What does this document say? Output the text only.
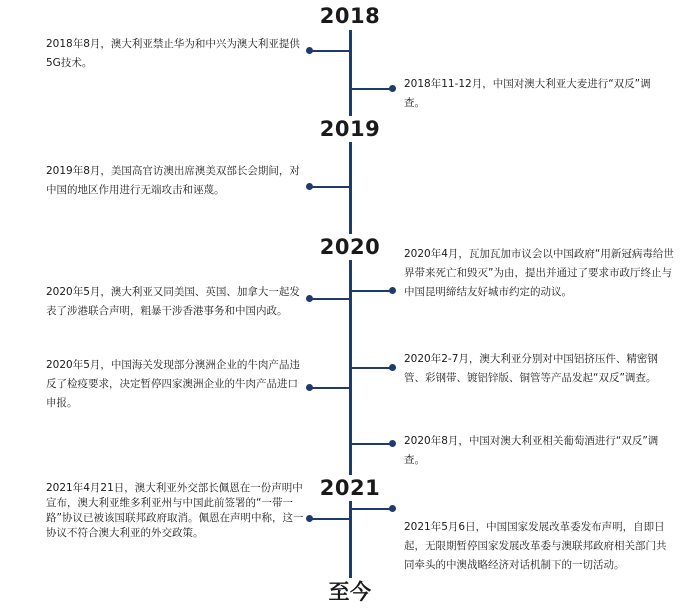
2018
2019
2020
2021
至今

2018年8月，澳大利亚禁止华为和中兴为澳大利亚提供5G技术。

2018年11-12月，中国对澳大利亚大麦进行“双反”调查。

2019年8月，美国高官访澳出席澳美双部长会期间，对中国的地区作用进行无端攻击和诬蔑。

2020年4月，瓦加瓦加市议会以中国政府“用新冠病毒给世界带来死亡和毁灭”为由，提出并通过了要求市政厅终止与中国昆明缔结友好城市约定的动议。

2020年5月，澳大利亚又同美国、英国、加拿大一起发表了涉港联合声明，粗暴干涉香港事务和中国内政。

2020年2-7月，澳大利亚分别对中国铝挤压件、精密钢管、彩钢带、镀铝锌版、铜管等产品发起“双反”调查。

2020年5月，中国海关发现部分澳洲企业的牛肉产品违反了检疫要求，决定暂停四家澳洲企业的牛肉产品进口申报。

2020年8月，中国对澳大利亚相关葡萄酒进行“双反”调查。

2021年4月21日，澳大利亚外交部长佩恩在一份声明中宣布，澳大利亚维多利亚州与中国此前签署的“一带一路”协议已被该国联邦政府取消。佩恩在声明中称，这一协议不符合澳大利亚的外交政策。	2021年5月6日，中国国家发展改革委发布声明，自即日起，无限期暂停国家发展改革委与澳联邦政府相关部门共同牵头的中澳战略经济对话机制下的一切活动。
